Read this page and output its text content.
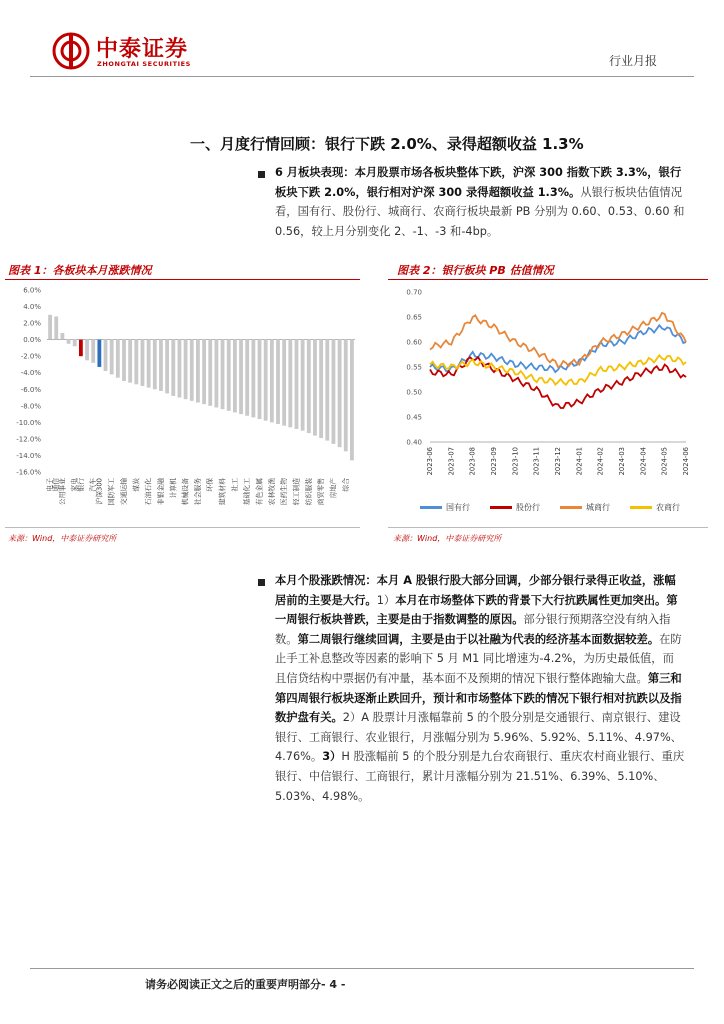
中泰证券
ZHONGTAI SECURITIES	行业月报
一、月度行情回顾：银行下跌 2.0%、录得超额收益 1.3%
6 月板块表现：本月股票市场各板块整体下跌，沪深 300 指数下跌 3.3%，银行板块下跌 2.0%，银行相对沪深 300 录得超额收益 1.3%。从银行板块估值情况看，国有行、股份行、城商行、农商行板块最新 PB 分别为 0.60、0.53、0.60 和 0.56，较上月分别变化 2、-1、-3 和-4bp。
图表 1：各板块本月涨跌情况
6.0%
4.0%
2.0%
0.0%
-2.0%
-4.0%
-6.0%
-8.0%
-10.0%
-12.0%
-14.0%
-16.0%
电子
通信
公用事业 家电
银行 汽车
沪深300 国防军工 交通运输 煤炭 石油石化 非银金融 计算机 机械设备 社会服务 环保 建筑材料 社工 基础化工 有色金属 农林牧渔 医药生物 轻工制造 纺织服装 商贸零售 房地产 综合
来源：Wind，中泰证券研究所
图表 2：银行板块 PB 估值情况
0.70
0.65
0.60
0.55
0.50
0.45
0.40
2023-06 2023-07 2023-08 2023-09 2023-10 2023-11 2023-12 2024-01 2024-02 2024-03 2024-04 2024-05 2024-06
国有行	股份行	城商行	农商行
来源：Wind，中泰证券研究所
本月个股涨跌情况：本月 A 股银行股大部分回调，少部分银行录得正收益，涨幅居前的主要是大行。1）本月在市场整体下跌的背景下大行抗跌属性更加突出。第一周银行板块普跌，主要是由于指数调整的原因。部分银行预期落空没有纳入指数。第二周银行继续回调，主要是由于以社融为代表的经济基本面数据较差。在防止手工补息整改等因素的影响下 5 月 M1 同比增速为-4.2%，为历史最低值，而且信贷结构中票据仍有冲量，基本面不及预期的情况下银行整体跑输大盘。第三和第四周银行板块逐渐止跌回升，预计和市场整体下跌的情况下银行相对抗跌以及指数护盘有关。2）A 股票计月涨幅靠前 5 的个股分别是交通银行、南京银行、建设银行、工商银行、农业银行，月涨幅分别为 5.96%、5.92%、5.11%、4.97%、4.76%。3）H 股涨幅前 5 的个股分别是九台农商银行、重庆农村商业银行、重庆银行、中信银行、工商银行，累计月涨幅分别为 21.51%、6.39%、5.10%、5.03%、4.98%。
请务必阅读正文之后的重要声明部分- 4 -
